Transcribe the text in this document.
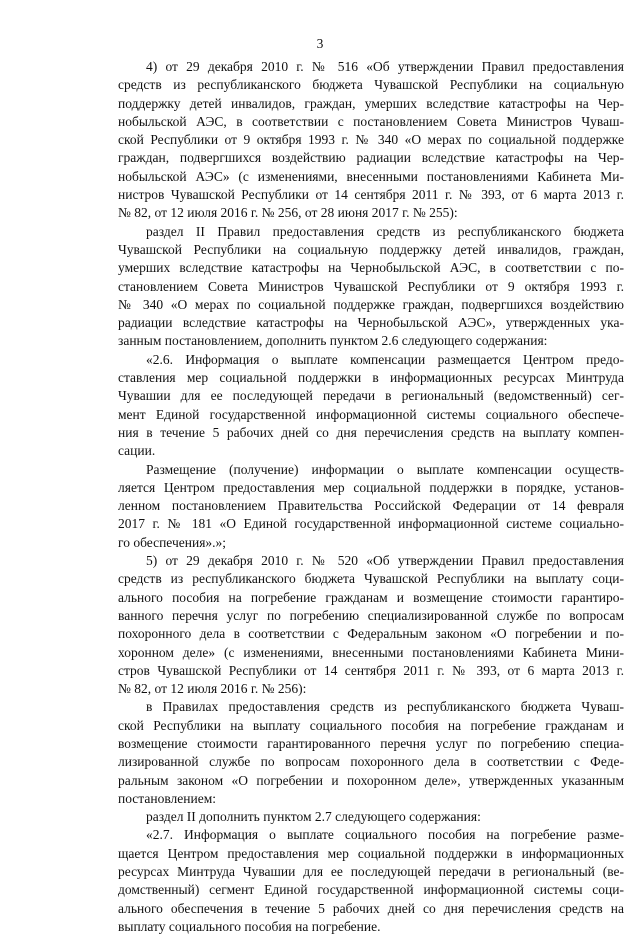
3
4) от 29 декабря 2010 г. № 516 «Об утверждении Правил предоставления
средств из республиканского бюджета Чувашской Республики на социальную
поддержку детей инвалидов, граждан, умерших вследствие катастрофы на Чер-
нобыльской АЭС, в соответствии с постановлением Совета Министров Чуваш-
ской Республики от 9 октября 1993 г. № 340 «О мерах по социальной поддержке
граждан, подвергшихся воздействию радиации вследствие катастрофы на Чер-
нобыльской АЭС» (с изменениями, внесенными постановлениями Кабинета Ми-
нистров Чувашской Республики от 14 сентября 2011 г. № 393, от 6 марта 2013 г.
№ 82, от 12 июля 2016 г. № 256, от 28 июня 2017 г. № 255):
раздел II Правил предоставления средств из республиканского бюджета
Чувашской Республики на социальную поддержку детей инвалидов, граждан,
умерших вследствие катастрофы на Чернобыльской АЭС, в соответствии с по-
становлением Совета Министров Чувашской Республики от 9 октября 1993 г.
№ 340 «О мерах по социальной поддержке граждан, подвергшихся воздействию
радиации вследствие катастрофы на Чернобыльской АЭС», утвержденных ука-
занным постановлением, дополнить пунктом 2.6 следующего содержания:
«2.6. Информация о выплате компенсации размещается Центром предо-
ставления мер социальной поддержки в информационных ресурсах Минтруда
Чувашии для ее последующей передачи в региональный (ведомственный) сег-
мент Единой государственной информационной системы социального обеспече-
ния в течение 5 рабочих дней со дня перечисления средств на выплату компен-
сации.
Размещение (получение) информации о выплате компенсации осуществ-
ляется Центром предоставления мер социальной поддержки в порядке, установ-
ленном постановлением Правительства Российской Федерации от 14 февраля
2017 г. № 181 «О Единой государственной информационной системе социально-
го обеспечения».»;
5) от 29 декабря 2010 г. № 520 «Об утверждении Правил предоставления
средств из республиканского бюджета Чувашской Республики на выплату соци-
ального пособия на погребение гражданам и возмещение стоимости гарантиро-
ванного перечня услуг по погребению специализированной службе по вопросам
похоронного дела в соответствии с Федеральным законом «О погребении и по-
хоронном деле» (с изменениями, внесенными постановлениями Кабинета Мини-
стров Чувашской Республики от 14 сентября 2011 г. № 393, от 6 марта 2013 г.
№ 82, от 12 июля 2016 г. № 256):
в Правилах предоставления средств из республиканского бюджета Чуваш-
ской Республики на выплату социального пособия на погребение гражданам и
возмещение стоимости гарантированного перечня услуг по погребению специа-
лизированной службе по вопросам похоронного дела в соответствии с Феде-
ральным законом «О погребении и похоронном деле», утвержденных указанным
постановлением:
раздел II дополнить пунктом 2.7 следующего содержания:
«2.7. Информация о выплате социального пособия на погребение разме-
щается Центром предоставления мер социальной поддержки в информационных
ресурсах Минтруда Чувашии для ее последующей передачи в региональный (ве-
домственный) сегмент Единой государственной информационной системы соци-
ального обеспечения в течение 5 рабочих дней со дня перечисления средств на
выплату социального пособия на погребение.
